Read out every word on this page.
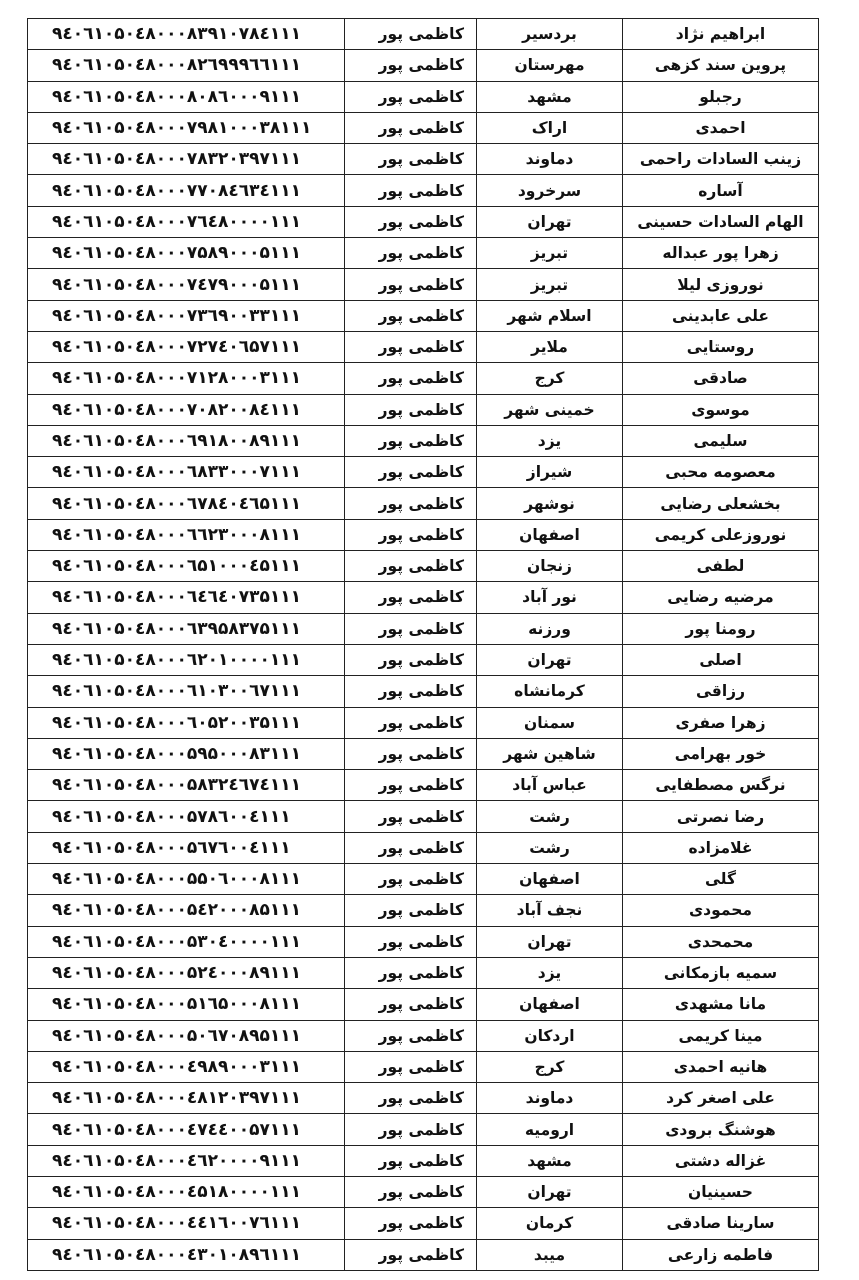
ابراهیم نژاد	بردسیر	کاظمی پور	۹٤۰٦۱۰۵۰٤۸۰۰۰۸۳۹۱۰۷۸٤۱۱۱
پروین سند کزهی	مهرستان	کاظمی پور	۹٤۰٦۱۰۵۰٤۸۰۰۰۸۲٦۹۹۹٦٦۱۱۱
رجبلو	مشهد	کاظمی پور	۹٤۰٦۱۰۵۰٤۸۰۰۰۸۰۸٦۰۰۰۹۱۱۱
احمدی	اراک	کاظمی پور	۹٤۰٦۱۰۵۰٤۸۰۰۰۷۹۸۱۰۰۰۳۸۱۱۱
زینب السادات راحمی	دماوند	کاظمی پور	۹٤۰٦۱۰۵۰٤۸۰۰۰۷۸۳۲۰۳۹۷۱۱۱
آساره	سرخرود	کاظمی پور	۹٤۰٦۱۰۵۰٤۸۰۰۰۷۷۰۸٤٦۳٤۱۱۱
الهام السادات حسینی	تهران	کاظمی پور	۹٤۰٦۱۰۵۰٤۸۰۰۰۷٦٤۸۰۰۰۰۱۱۱
زهرا پور عبداله	تبریز	کاظمی پور	۹٤۰٦۱۰۵۰٤۸۰۰۰۷۵۸۹۰۰۰۵۱۱۱
نوروزی لیلا	تبریز	کاظمی پور	۹٤۰٦۱۰۵۰٤۸۰۰۰۷٤۷۹۰۰۰۵۱۱۱
علی عابدینی	اسلام شهر	کاظمی پور	۹٤۰٦۱۰۵۰٤۸۰۰۰۷۳٦۹۰۰۳۳۱۱۱
روستایی	ملایر	کاظمی پور	۹٤۰٦۱۰۵۰٤۸۰۰۰۷۲۷٤۰٦۵۷۱۱۱
صادقی	کرج	کاظمی پور	۹٤۰٦۱۰۵۰٤۸۰۰۰۷۱۲۸۰۰۰۳۱۱۱
موسوی	خمینی شهر	کاظمی پور	۹٤۰٦۱۰۵۰٤۸۰۰۰۷۰۸۲۰۰۸٤۱۱۱
سلیمی	یزد	کاظمی پور	۹٤۰٦۱۰۵۰٤۸۰۰۰٦۹۱۸۰۰۸۹۱۱۱
معصومه محبی	شیراز	کاظمی پور	۹٤۰٦۱۰۵۰٤۸۰۰۰٦۸۳۳۰۰۰۷۱۱۱
بخشعلی رضایی	نوشهر	کاظمی پور	۹٤۰٦۱۰۵۰٤۸۰۰۰٦۷۸٤۰٤٦۵۱۱۱
نوروزعلی کریمی	اصفهان	کاظمی پور	۹٤۰٦۱۰۵۰٤۸۰۰۰٦٦۲۳۰۰۰۸۱۱۱
لطفی	زنجان	کاظمی پور	۹٤۰٦۱۰۵۰٤۸۰۰۰٦۵۱۰۰۰٤۵۱۱۱
مرضیه رضایی	نور آباد	کاظمی پور	۹٤۰٦۱۰۵۰٤۸۰۰۰٦٤٦٤۰۷۳۵۱۱۱
رومنا پور	ورزنه	کاظمی پور	۹٤۰٦۱۰۵۰٤۸۰۰۰٦۳۹۵۸۳۷۵۱۱۱
اصلی	تهران	کاظمی پور	۹٤۰٦۱۰۵۰٤۸۰۰۰٦۲۰۱۰۰۰۰۱۱۱
رزاقی	کرمانشاه	کاظمی پور	۹٤۰٦۱۰۵۰٤۸۰۰۰٦۱۰۳۰۰٦۷۱۱۱
زهرا صفری	سمنان	کاظمی پور	۹٤۰٦۱۰۵۰٤۸۰۰۰٦۰۵۲۰۰۳۵۱۱۱
خور بهرامی	شاهین شهر	کاظمی پور	۹٤۰٦۱۰۵۰٤۸۰۰۰۵۹۵۰۰۰۸۳۱۱۱
نرگس مصطفایی	عباس آباد	کاظمی پور	۹٤۰٦۱۰۵۰٤۸۰۰۰۵۸۳۲٤٦۷٤۱۱۱
رضا نصرتی	رشت	کاظمی پور	۹٤۰٦۱۰۵۰٤۸۰۰۰۵۷۸٦۰۰٤۱۱۱
غلامزاده	رشت	کاظمی پور	۹٤۰٦۱۰۵۰٤۸۰۰۰۵٦۷٦۰۰٤۱۱۱
گلی	اصفهان	کاظمی پور	۹٤۰٦۱۰۵۰٤۸۰۰۰۵۵۰٦۰۰۰۸۱۱۱
محمودی	نجف آباد	کاظمی پور	۹٤۰٦۱۰۵۰٤۸۰۰۰۵٤۲۰۰۰۸۵۱۱۱
محمحدی	تهران	کاظمی پور	۹٤۰٦۱۰۵۰٤۸۰۰۰۵۳۰٤۰۰۰۰۱۱۱
سمیه بازمکانی	یزد	کاظمی پور	۹٤۰٦۱۰۵۰٤۸۰۰۰۵۲٤۰۰۰۸۹۱۱۱
مانا مشهدی	اصفهان	کاظمی پور	۹٤۰٦۱۰۵۰٤۸۰۰۰۵۱٦۵۰۰۰۸۱۱۱
مینا کریمی	اردکان	کاظمی پور	۹٤۰٦۱۰۵۰٤۸۰۰۰۵۰٦۷۰۸۹۵۱۱۱
هانیه احمدی	کرج	کاظمی پور	۹٤۰٦۱۰۵۰٤۸۰۰۰٤۹۸۹۰۰۰۳۱۱۱
علی اصغر کرد	دماوند	کاظمی پور	۹٤۰٦۱۰۵۰٤۸۰۰۰٤۸۱۲۰۳۹۷۱۱۱
هوشنگ برودی	ارومیه	کاظمی پور	۹٤۰٦۱۰۵۰٤۸۰۰۰٤۷٤٤۰۰۵۷۱۱۱
غزاله دشتی	مشهد	کاظمی پور	۹٤۰٦۱۰۵۰٤۸۰۰۰٤٦۲۰۰۰۰۹۱۱۱
حسینیان	تهران	کاظمی پور	۹٤۰٦۱۰۵۰٤۸۰۰۰٤۵۱۸۰۰۰۰۱۱۱
سارینا صادقی	کرمان	کاظمی پور	۹٤۰٦۱۰۵۰٤۸۰۰۰٤٤۱٦۰۰۷٦۱۱۱
فاطمه زارعی	میبد	کاظمی پور	۹٤۰٦۱۰۵۰٤۸۰۰۰٤۳۰۱۰۸۹٦۱۱۱
